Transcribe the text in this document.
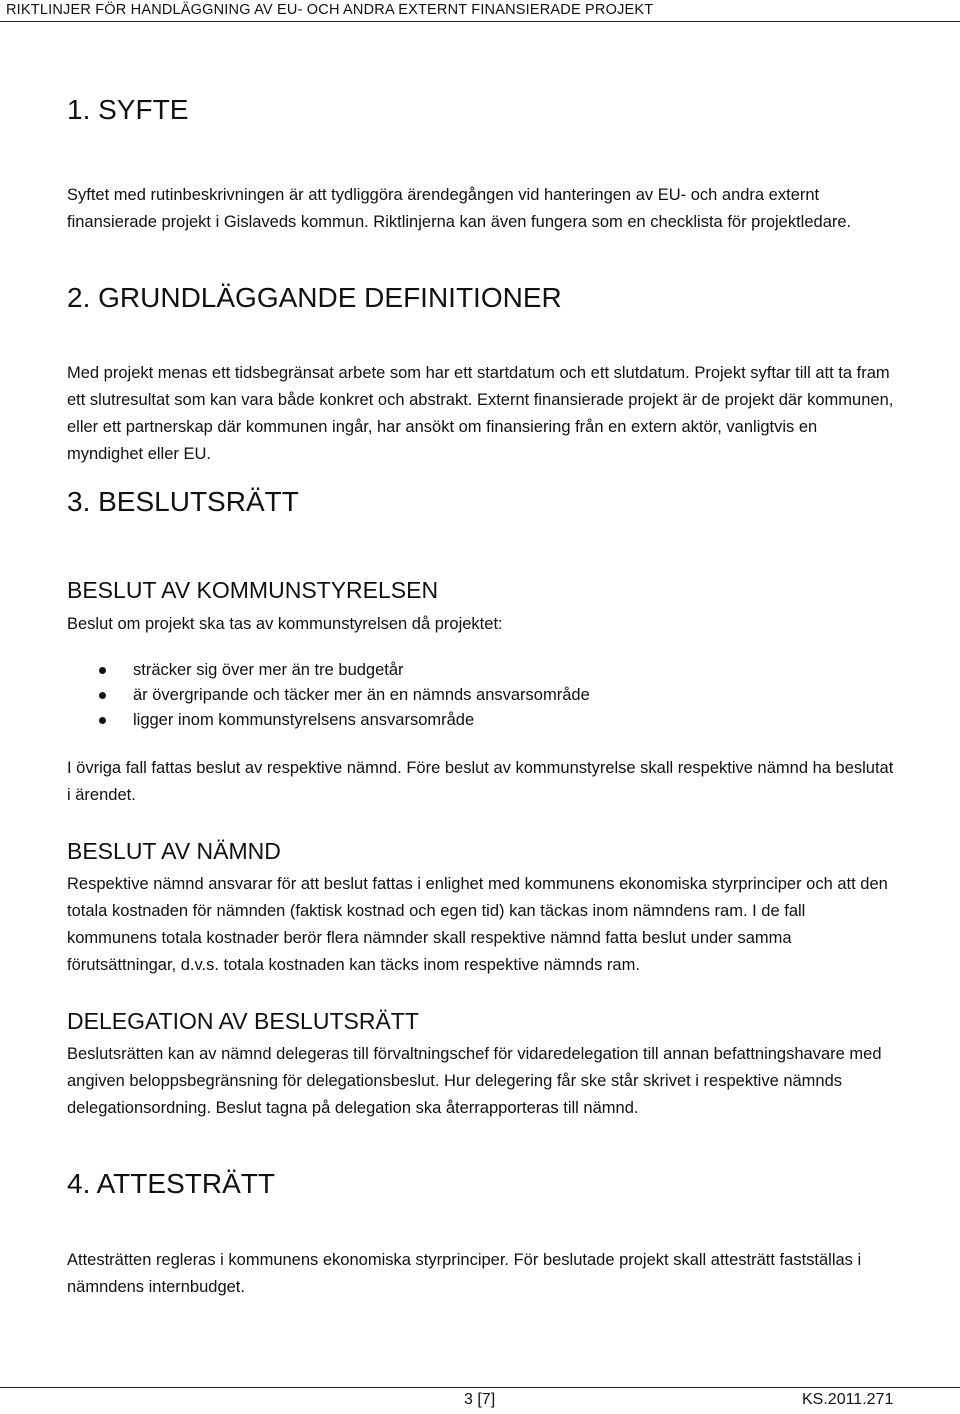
RIKTLINJER FÖR HANDLÄGGNING AV EU- OCH ANDRA EXTERNT FINANSIERADE PROJEKT
1. SYFTE

Syftet med rutinbeskrivningen är att tydliggöra ärendegången vid hanteringen av EU- och andra externt finansierade projekt i Gislaveds kommun. Riktlinjerna kan även fungera som en checklista för projektledare.

2. GRUNDLÄGGANDE DEFINITIONER

Med projekt menas ett tidsbegränsat arbete som har ett startdatum och ett slutdatum. Projekt syftar till att ta fram ett slutresultat som kan vara både konkret och abstrakt. Externt finansierade projekt är de projekt där kommunen, eller ett partnerskap där kommunen ingår, har ansökt om finansiering från en extern aktör, vanligtvis en myndighet eller EU.

3. BESLUTSRÄTT
BESLUT AV KOMMUNSTYRELSEN

Beslut om projekt ska tas av kommunstyrelsen då projektet:

sträcker sig över mer än tre budgetår
är övergripande och täcker mer än en nämnds ansvarsområde
ligger inom kommunstyrelsens ansvarsområde

I övriga fall fattas beslut av respektive nämnd. Före beslut av kommunstyrelse skall respektive nämnd ha beslutat i ärendet.

BESLUT AV NÄMND

Respektive nämnd ansvarar för att beslut fattas i enlighet med kommunens ekonomiska styrprinciper och att den totala kostnaden för nämnden (faktisk kostnad och egen tid) kan täckas inom nämndens ram. I de fall kommunens totala kostnader berör flera nämnder skall respektive nämnd fatta beslut under samma förutsättningar, d.v.s. totala kostnaden kan täcks inom respektive nämnds ram.

DELEGATION AV BESLUTSRÄTT

Beslutsrätten kan av nämnd delegeras till förvaltningschef för vidaredelegation till annan befattningshavare med angiven beloppsbegränsning för delegationsbeslut. Hur delegering får ske står skrivet i respektive nämnds delegationsordning. Beslut tagna på delegation ska återrapporteras till nämnd.

4. ATTESTRÄTT

Attesträtten regleras i kommunens ekonomiska styrprinciper. För beslutade projekt skall attesträtt fastställas i nämndens internbudget.

3 [7]	KS.2011.271
